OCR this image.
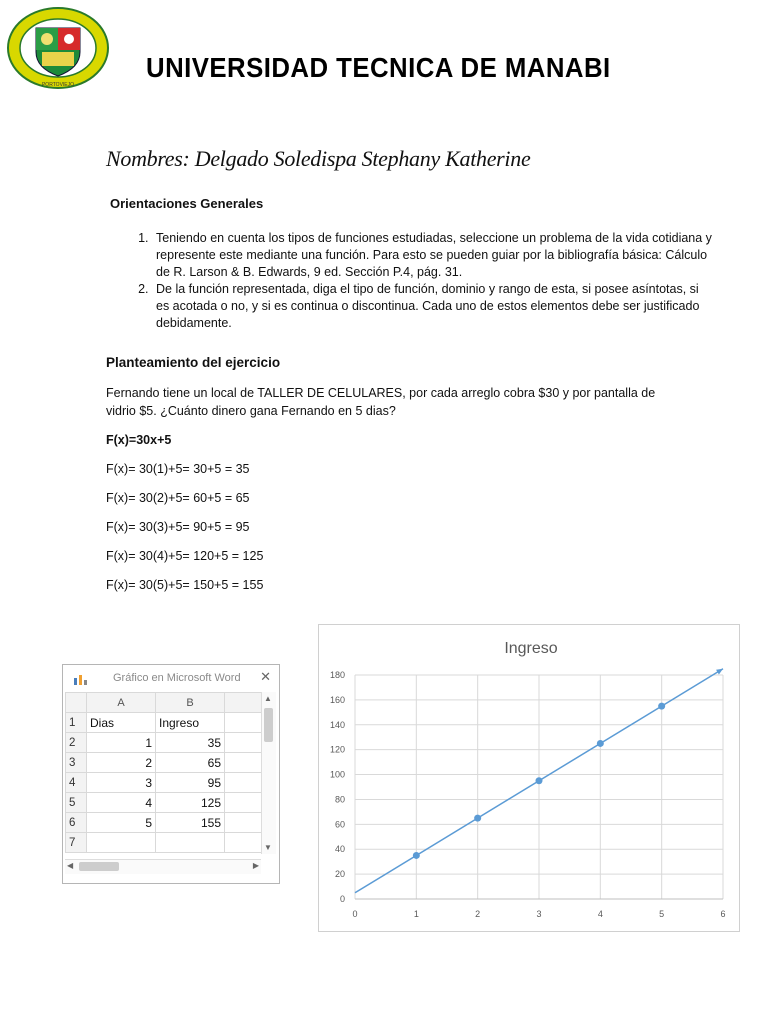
PORTOVIEJO
UNIVERSIDAD TECNICA DE MANABI
Nombres: Delgado Soledispa Stephany Katherine
Orientaciones Generales
1. Teniendo en cuenta los tipos de funciones estudiadas, seleccione un problema de la vida cotidiana y represente este mediante una función. Para esto se pueden guiar por la bibliografía básica: Cálculo de R. Larson & B. Edwards, 9 ed. Sección P.4, pág. 31.
2. De la función representada, diga el tipo de función, dominio y rango de esta, si posee asíntotas, si es acotada o no, y si es continua o discontinua. Cada uno de estos elementos debe ser justificado debidamente.
Planteamiento del ejercicio
Fernando tiene un local de TALLER DE CELULARES, por cada arreglo cobra $30 y por pantalla de vidrio $5. ¿Cuánto dinero gana Fernando en 5 dias?
F(x)=30x+5
F(x)= 30(1)+5= 30+5 = 35
F(x)= 30(2)+5= 60+5 = 65
F(x)= 30(3)+5= 90+5 = 95
F(x)= 30(4)+5= 120+5 = 125
F(x)= 30(5)+5= 150+5 = 155
Gráfico en Microsoft Word ✕
	A	B	
1	Dias	Ingreso	
2	1	35	
3	2	65	
4	3	95	
5	4	125	
6	5	155	
7			
▲
▼
◀	▶
Ingreso
0
20
40
60
80
100
120
140
160
180
0	1	2	3	4	5	6
